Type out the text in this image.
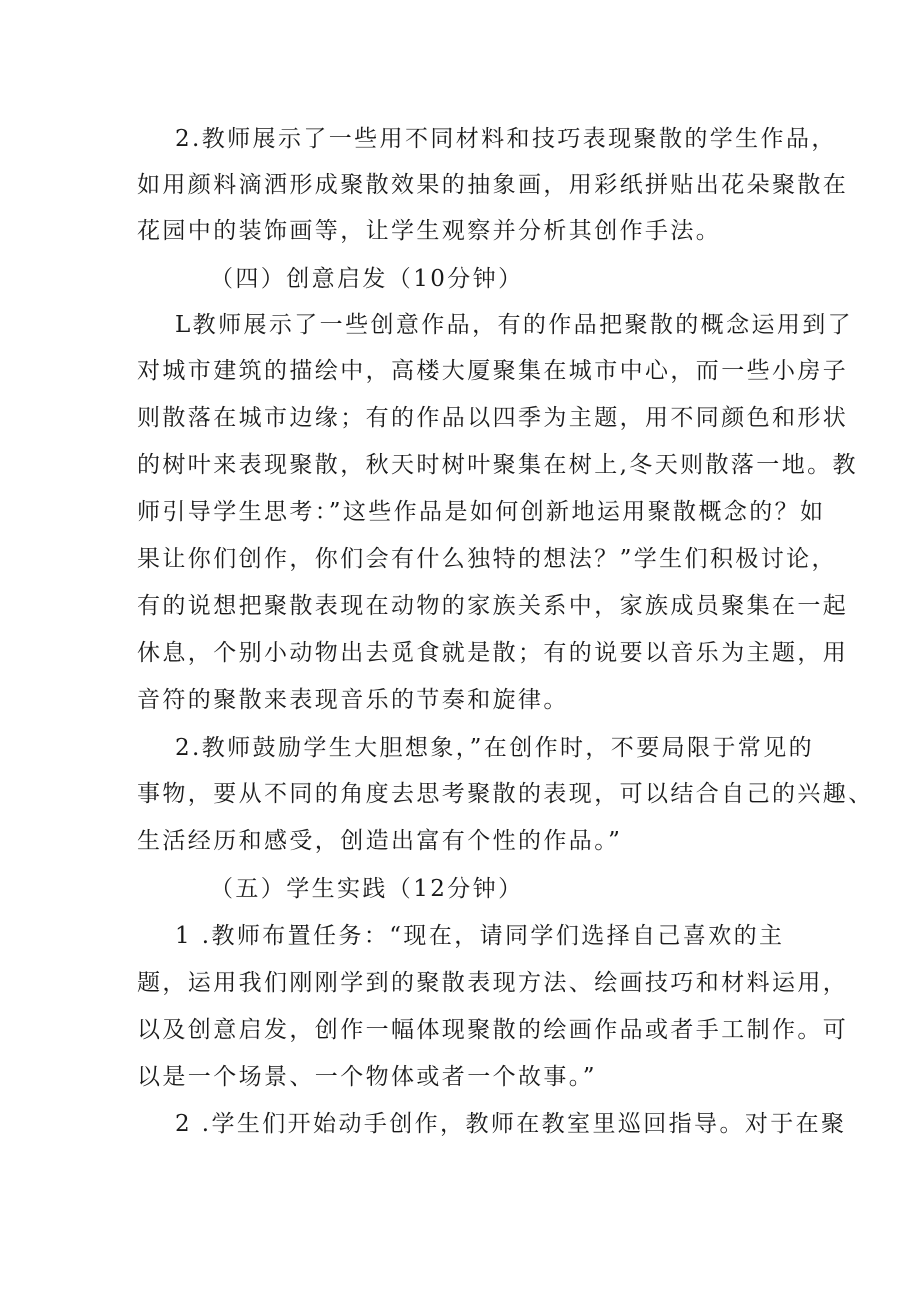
2.教师展示了一些用不同材料和技巧表现聚散的学生作品，
如用颜料滴洒形成聚散效果的抽象画，用彩纸拼贴出花朵聚散在
花园中的装饰画等，让学生观察并分析其创作手法。
（四）创意启发（10分钟）
L教师展示了一些创意作品，有的作品把聚散的概念运用到了
对城市建筑的描绘中，高楼大厦聚集在城市中心，而一些小房子
则散落在城市边缘；有的作品以四季为主题，用不同颜色和形状
的树叶来表现聚散，秋天时树叶聚集在树上,冬天则散落一地。教
师引导学生思考：”这些作品是如何创新地运用聚散概念的？如
果让你们创作，你们会有什么独特的想法？”学生们积极讨论，
有的说想把聚散表现在动物的家族关系中，家族成员聚集在一起
休息，个别小动物出去觅食就是散；有的说要以音乐为主题，用
音符的聚散来表现音乐的节奏和旋律。
2.教师鼓励学生大胆想象，”在创作时，不要局限于常见的
事物，要从不同的角度去思考聚散的表现，可以结合自己的兴趣、
生活经历和感受，创造出富有个性的作品。”
（五）学生实践（12分钟）
1 .教师布置任务：“现在，请同学们选择自己喜欢的主
题，运用我们刚刚学到的聚散表现方法、绘画技巧和材料运用，
以及创意启发，创作一幅体现聚散的绘画作品或者手工制作。可
以是一个场景、一个物体或者一个故事。”
2 .学生们开始动手创作，教师在教室里巡回指导。对于在聚
